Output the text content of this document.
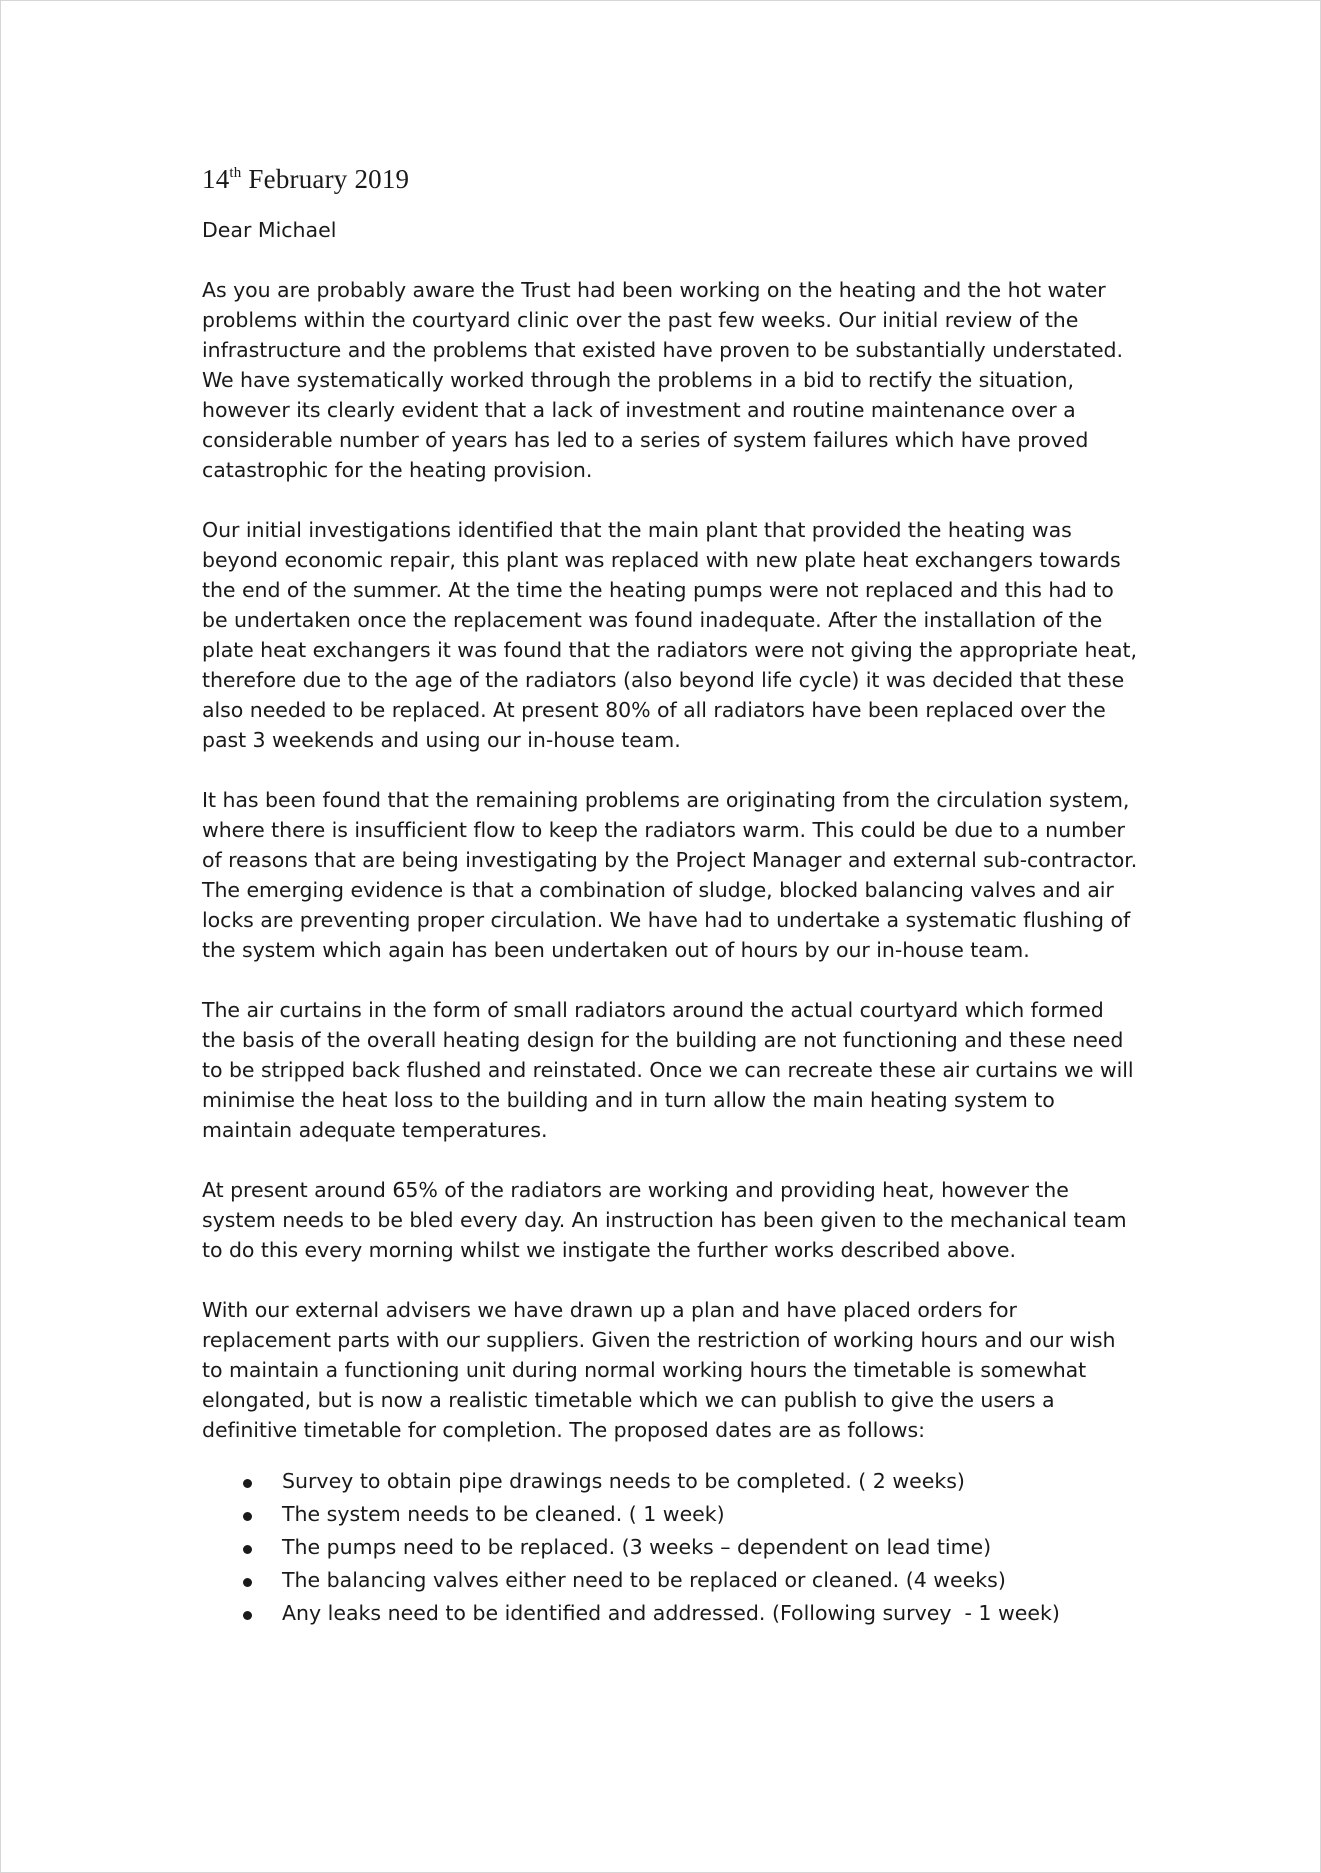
14th February 2019

Dear Michael

As you are probably aware the Trust had been working on the heating and the hot water problems within the courtyard clinic over the past few weeks. Our initial review of the infrastructure and the problems that existed have proven to be substantially understated. We have systematically worked through the problems in a bid to rectify the situation, however its clearly evident that a lack of investment and routine maintenance over a considerable number of years has led to a series of system failures which have proved catastrophic for the heating provision.

Our initial investigations identified that the main plant that provided the heating was beyond economic repair, this plant was replaced with new plate heat exchangers towards the end of the summer. At the time the heating pumps were not replaced and this had to be undertaken once the replacement was found inadequate. After the installation of the plate heat exchangers it was found that the radiators were not giving the appropriate heat, therefore due to the age of the radiators (also beyond life cycle) it was decided that these also needed to be replaced. At present 80% of all radiators have been replaced over the past 3 weekends and using our in-house team.

It has been found that the remaining problems are originating from the circulation system, where there is insufficient flow to keep the radiators warm. This could be due to a number of reasons that are being investigating by the Project Manager and external sub-contractor. The emerging evidence is that a combination of sludge, blocked balancing valves and air locks are preventing proper circulation. We have had to undertake a systematic flushing of the system which again has been undertaken out of hours by our in-house team.

The air curtains in the form of small radiators around the actual courtyard which formed the basis of the overall heating design for the building are not functioning and these need to be stripped back flushed and reinstated. Once we can recreate these air curtains we will minimise the heat loss to the building and in turn allow the main heating system to maintain adequate temperatures.

At present around 65% of the radiators are working and providing heat, however the system needs to be bled every day. An instruction has been given to the mechanical team to do this every morning whilst we instigate the further works described above.

With our external advisers we have drawn up a plan and have placed orders for replacement parts with our suppliers. Given the restriction of working hours and our wish to maintain a functioning unit during normal working hours the timetable is somewhat elongated, but is now a realistic timetable which we can publish to give the users a definitive timetable for completion. The proposed dates are as follows:

Survey to obtain pipe drawings needs to be completed. ( 2 weeks)
The system needs to be cleaned. ( 1 week)
The pumps need to be replaced. (3 weeks – dependent on lead time)
The balancing valves either need to be replaced or cleaned. (4 weeks)
Any leaks need to be identified and addressed. (Following survey  - 1 week)
